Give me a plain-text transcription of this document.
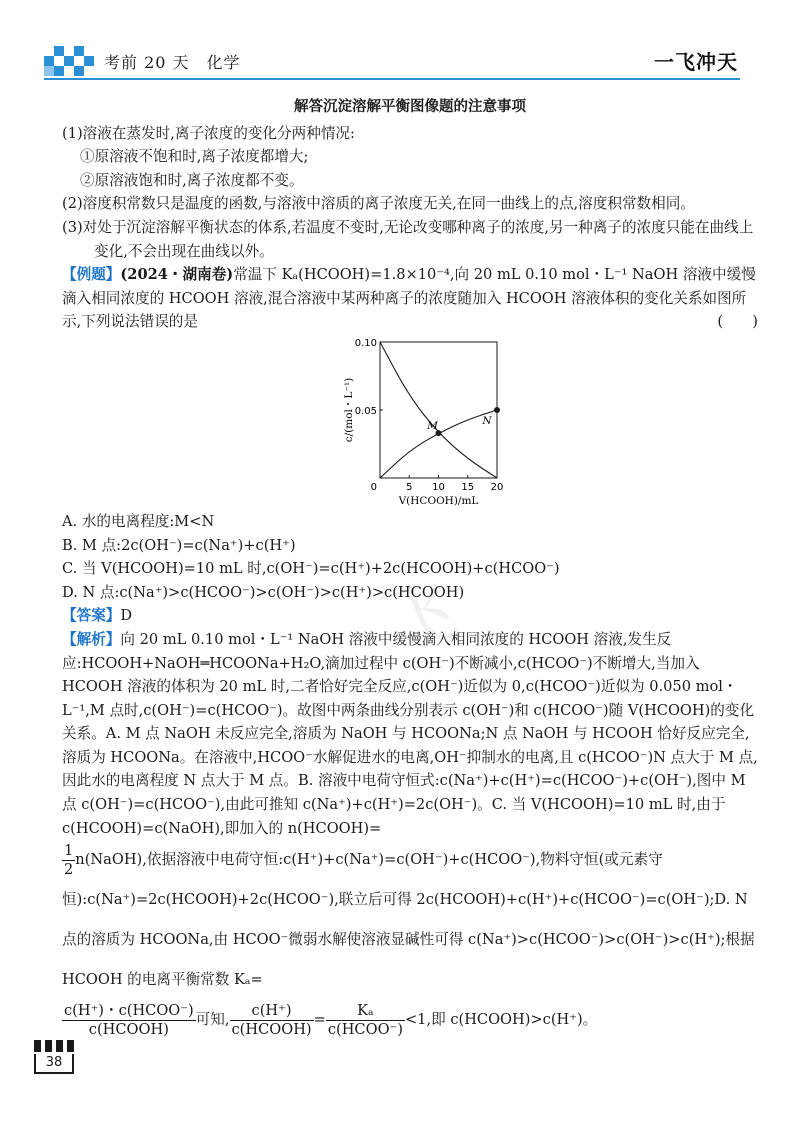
考前 20 天　化学	一飞冲天
飞

解答沉淀溶解平衡图像题的注意事项

(1)溶液在蒸发时,离子浓度的变化分两种情况:

①原溶液不饱和时,离子浓度都增大;

②原溶液饱和时,离子浓度都不变。

(2)溶度积常数只是温度的函数,与溶液中溶质的离子浓度无关,在同一曲线上的点,溶度积常数相同。

(3)对处于沉淀溶解平衡状态的体系,若温度不变时,无论改变哪种离子的浓度,另一种离子的浓度只能在曲线上变化,不会出现在曲线以外。

【例题】(2024・湖南卷)常温下 Kₐ(HCOOH)=1.8×10⁻⁴,向 20 mL 0.10 mol・L⁻¹ NaOH 溶液中缓慢滴入相同浓度的 HCOOH 溶液,混合溶液中某两种离子的浓度随加入 HCOOH 溶液体积的变化关系如图所示,下列说法错误的是	(　　)

0.05
0.10
5 10 15 20
0
V(HCOOH)/mL
c/(mol・L⁻¹)	M	N

A. 水的电离程度:M<N

B. M 点:2c(OH⁻)=c(Na⁺)+c(H⁺)

C. 当 V(HCOOH)=10 mL 时,c(OH⁻)=c(H⁺)+2c(HCOOH)+c(HCOO⁻)

D. N 点:c(Na⁺)>c(HCOO⁻)>c(OH⁻)>c(H⁺)>c(HCOOH)

【答案】D

【解析】向 20 mL 0.10 mol・L⁻¹ NaOH 溶液中缓慢滴入相同浓度的 HCOOH 溶液,发生反应:HCOOH+NaOH═HCOONa+H₂O,滴加过程中 c(OH⁻)不断减小,c(HCOO⁻)不断增大,当加入 HCOOH 溶液的体积为 20 mL 时,二者恰好完全反应,c(OH⁻)近似为 0,c(HCOO⁻)近似为 0.050 mol・L⁻¹,M 点时,c(OH⁻)=c(HCOO⁻)。故图中两条曲线分别表示 c(OH⁻)和 c(HCOO⁻)随 V(HCOOH)的变化关系。A. M 点 NaOH 未反应完全,溶质为 NaOH 与 HCOONa;N 点 NaOH 与 HCOOH 恰好反应完全,溶质为 HCOONa。在溶液中,HCOO⁻水解促进水的电离,OH⁻抑制水的电离,且 c(HCOO⁻)N 点大于 M 点,因此水的电离程度 N 点大于 M 点。B. 溶液中电荷守恒式:c(Na⁺)+c(H⁺)=c(HCOO⁻)+c(OH⁻),图中 M 点 c(OH⁻)=c(HCOO⁻),由此可推知 c(Na⁺)+c(H⁺)=2c(OH⁻)。C. 当 V(HCOOH)=10 mL 时,由于 c(HCOOH)=c(NaOH),即加入的 n(HCOOH)=

$\frac{1}{2}$ n(NaOH),依据溶液中电荷守恒:c(H⁺)+c(Na⁺)=c(OH⁻)+c(HCOO⁻),物料守恒(或元素守恒):c(Na⁺)=2c(HCOOH)+2c(HCOO⁻),联立后可得 2c(HCOOH)+c(H⁺)+c(HCOO⁻)=c(OH⁻);D. N 点的溶质为 HCOONa,由 HCOO⁻微弱水解使溶液显碱性可得 c(Na⁺)>c(HCOO⁻)>c(OH⁻)>c(H⁺);根据 HCOOH 的电离平衡常数 Kₐ=

$\frac{\text{c(H⁺)・c(HCOO⁻)}}{\text{c(HCOOH)}}$ 可知, $\frac{c(H^+)}{\text{c(HCOOH)}} = \frac{\text{Kₐ}}{\text{c(HCOO⁻)}} <1$,即 c(HCOOH)>c(H⁺)。

38
